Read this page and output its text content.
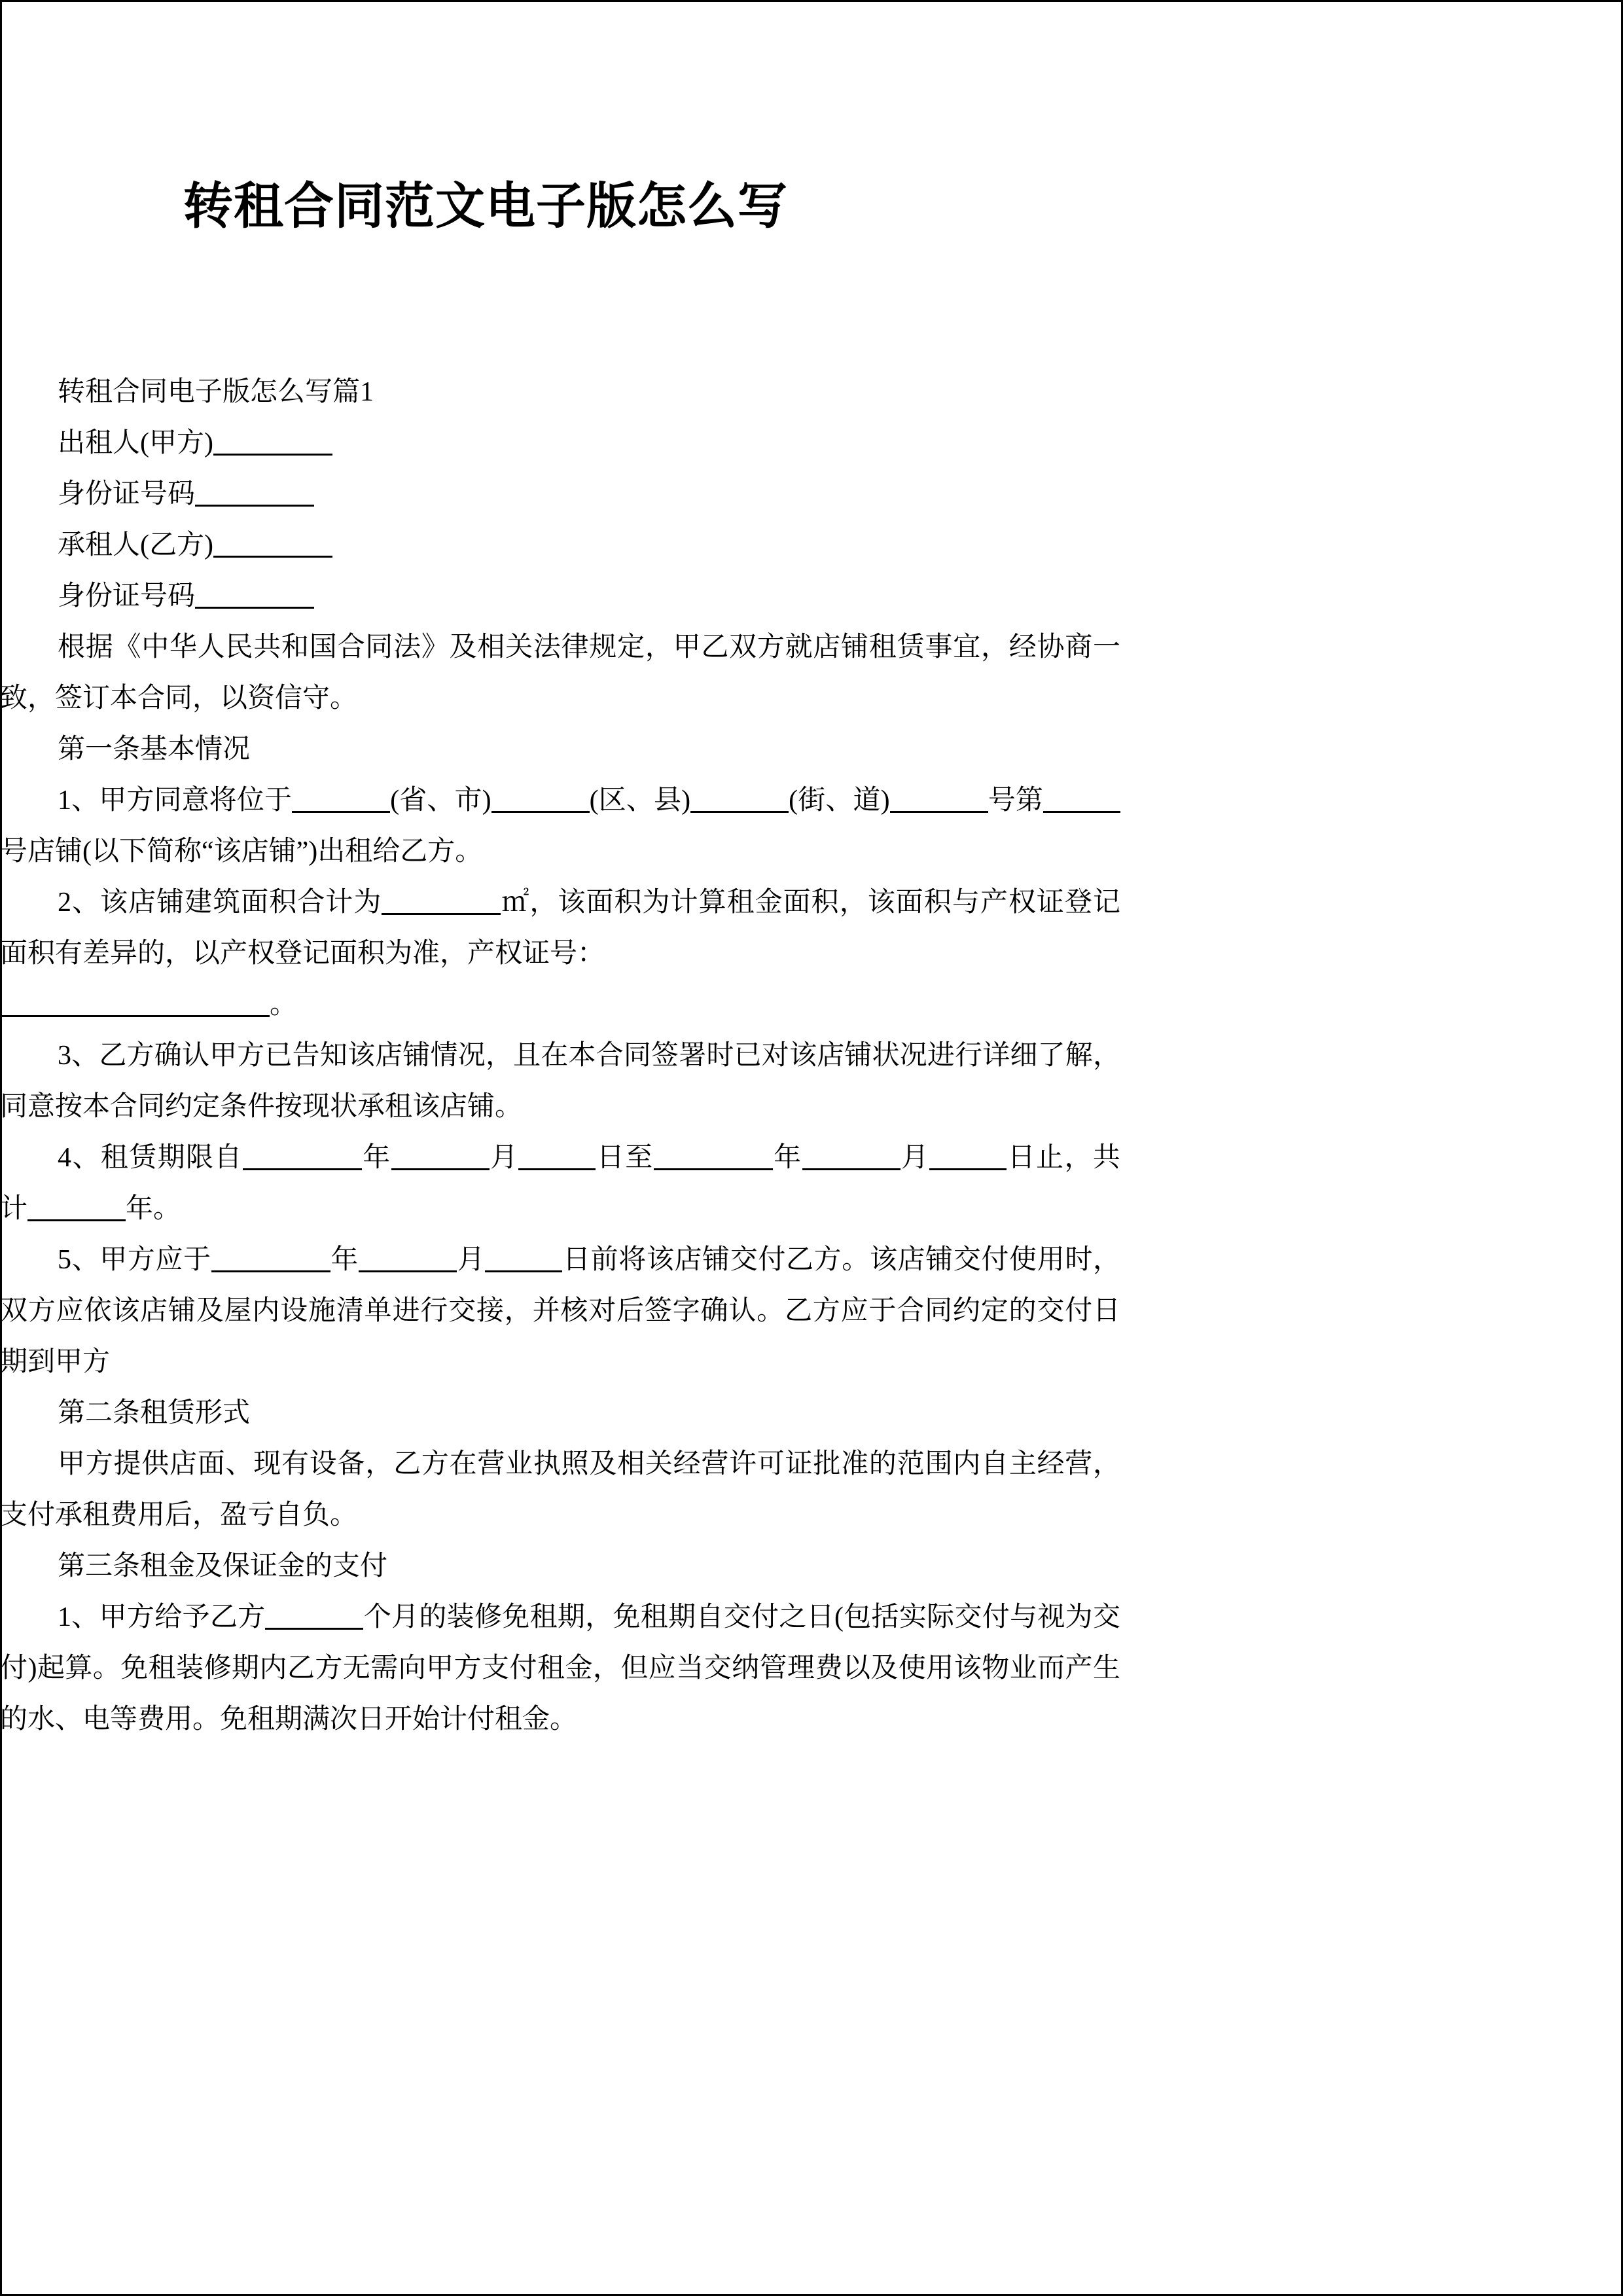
转租合同范文电子版怎么写

转租合同电子版怎么写篇1

出租人(甲方)

身份证号码

承租人(乙方)

身份证号码

根据《中华人民共和国合同法》及相关法律规定，甲乙双方就店铺租赁事宜，经协商一致，签订本合同，以资信守。

第一条基本情况

1、甲方同意将位于	(省、市)	(区、县)	(街、道)	号第号店铺(以下简称“该店铺”)出租给乙方。

2、该店铺建筑面积合计为	㎡，该面积为计算租金面积，该面积与产权证登记面积有差异的，以产权登记面积为准，产权证号：

。

3、乙方确认甲方已告知该店铺情况，且在本合同签署时已对该店铺状况进行详细了解，同意按本合同约定条件按现状承租该店铺。

4、租赁期限自	年	月	日至	年	月	日止，共计	年。

5、甲方应于	年	月	日前将该店铺交付乙方。该店铺交付使用时，双方应依该店铺及屋内设施清单进行交接，并核对后签字确认。乙方应于合同约定的交付日期到甲方

第二条租赁形式

甲方提供店面、现有设备，乙方在营业执照及相关经营许可证批准的范围内自主经营，支付承租费用后，盈亏自负。

第三条租金及保证金的支付

1、甲方给予乙方	个月的装修免租期，免租期自交付之日(包括实际交付与视为交付)起算。免租装修期内乙方无需向甲方支付租金，但应当交纳管理费以及使用该物业而产生的水、电等费用。免租期满次日开始计付租金。
